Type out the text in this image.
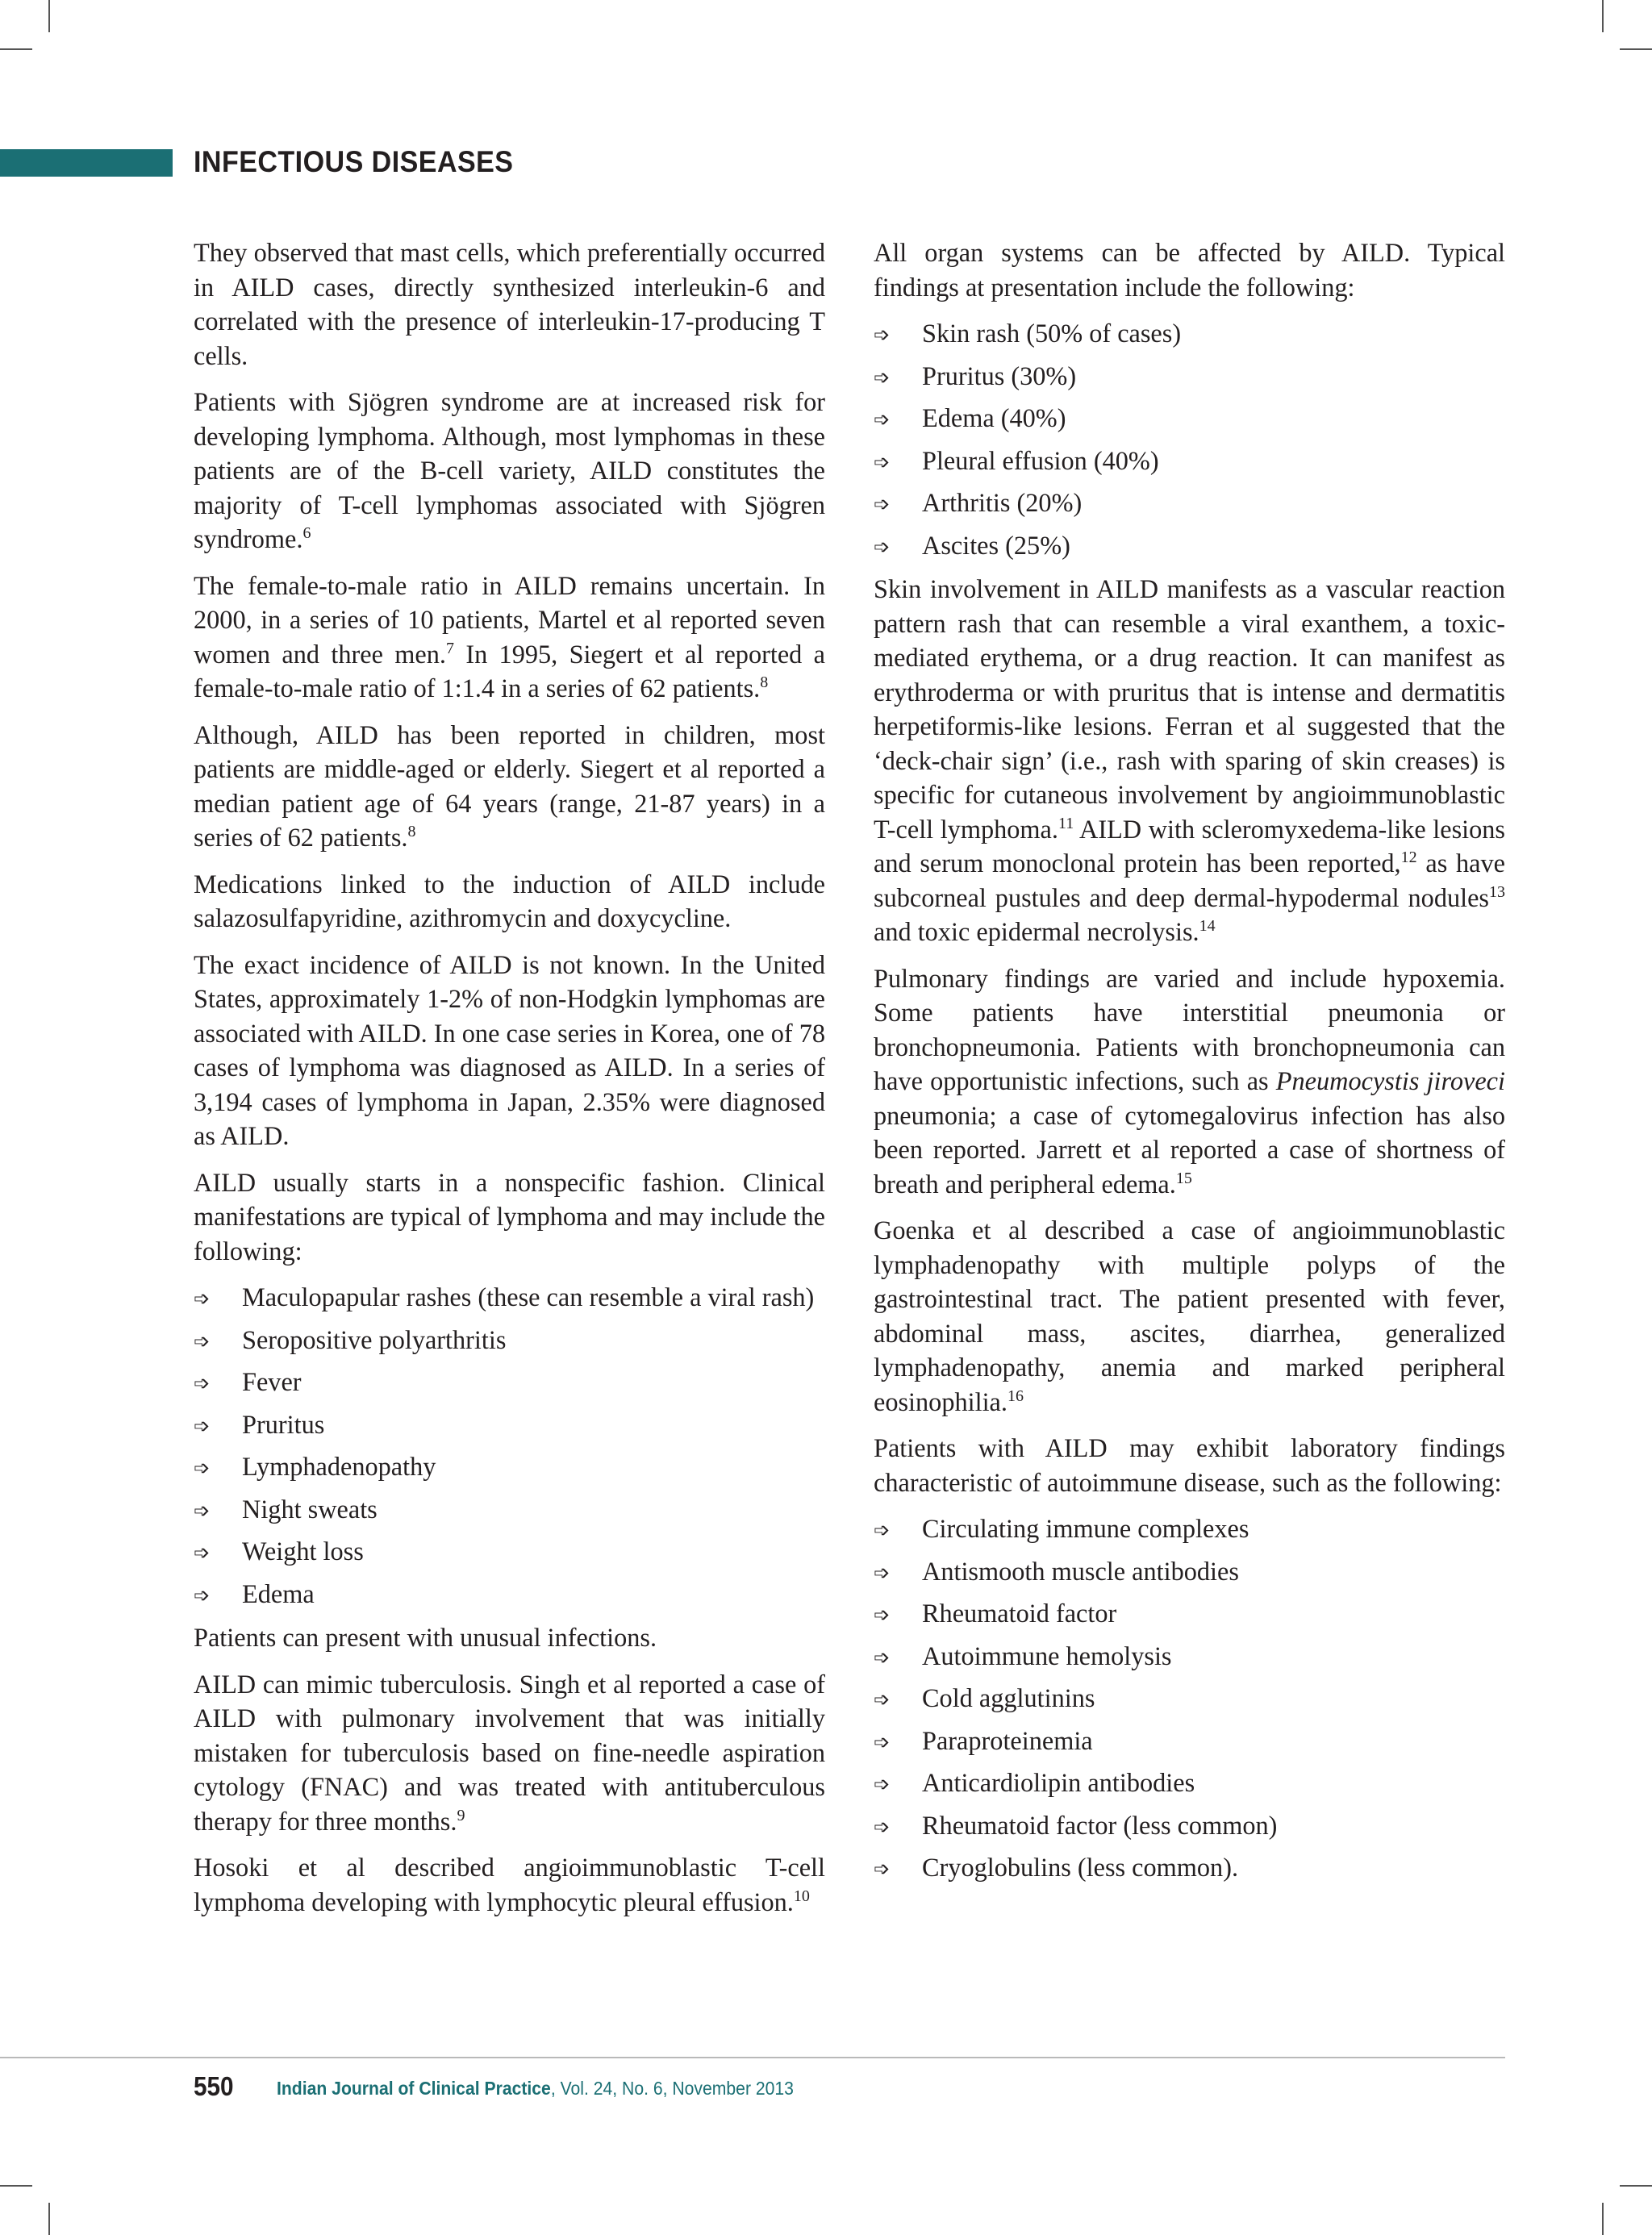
INFECTIOUS DISEASES

They observed that mast cells, which preferentially occurred in AILD cases, directly synthesized interleukin-6 and correlated with the presence of interleukin-17-producing T cells.

Patients with Sjögren syndrome are at increased risk for developing lymphoma. Although, most lymphomas in these patients are of the B-cell variety, AILD constitutes the majority of T-cell lymphomas associated with Sjögren syndrome.$^6$

The female-to-male ratio in AILD remains uncertain. In 2000, in a series of 10 patients, Martel et al reported seven women and three men.$^7$ In 1995, Siegert et al reported a female-to-male ratio of 1:1.4 in a series of 62 patients.$^8$

Although, AILD has been reported in children, most patients are middle-aged or elderly. Siegert et al reported a median patient age of 64 years (range, 21-87 years) in a series of 62 patients.$^8$

Medications linked to the induction of AILD include salazosulfapyridine, azithromycin and doxycycline.

The exact incidence of AILD is not known. In the United States, approximately 1-2% of non-Hodgkin lymphomas are associated with AILD. In one case series in Korea, one of 78 cases of lymphoma was diagnosed as AILD. In a series of 3,194 cases of lymphoma in Japan, 2.35% were diagnosed as AILD.

AILD usually starts in a nonspecific fashion. Clinical manifestations are typical of lymphoma and may include the following:

➩ Maculopapular rashes (these can resemble a viral rash)
➩ Seropositive polyarthritis
➩ Fever
➩ Pruritus
➩ Lymphadenopathy
➩ Night sweats
➩ Weight loss
➩ Edema

Patients can present with unusual infections.

AILD can mimic tuberculosis. Singh et al reported a case of AILD with pulmonary involvement that was initially mistaken for tuberculosis based on fine-needle aspiration cytology (FNAC) and was treated with antituberculous therapy for three months.$^9$

Hosoki et al described angioimmunoblastic T-cell lymphoma developing with lymphocytic pleural effusion.$^{10}$

All organ systems can be affected by AILD. Typical findings at presentation include the following:

➩ Skin rash (50% of cases)
➩ Pruritus (30%)
➩ Edema (40%)
➩ Pleural effusion (40%)
➩ Arthritis (20%)
➩ Ascites (25%)

Skin involvement in AILD manifests as a vascular reaction pattern rash that can resemble a viral exanthem, a toxic-mediated erythema, or a drug reaction. It can manifest as erythroderma or with pruritus that is intense and dermatitis herpetiformis-like lesions. Ferran et al suggested that the ‘deck-chair sign’ (i.e., rash with sparing of skin creases) is specific for cutaneous involvement by angioimmunoblastic T-cell lymphoma.$^{11}$ AILD with scleromyxedema-like lesions and serum monoclonal protein has been reported,$^{12}$ as have subcorneal pustules and deep dermal-hypodermal nodules$^{13}$ and toxic epidermal necrolysis.$^{14}$

Pulmonary findings are varied and include hypoxemia. Some patients have interstitial pneumonia or bronchopneumonia. Patients with bronchopneumonia can have opportunistic infections, such as Pneumocystis jiroveci pneumonia; a case of cytomegalovirus infection has also been reported. Jarrett et al reported a case of shortness of breath and peripheral edema.$^{15}$

Goenka et al described a case of angioimmunoblastic lymphadenopathy with multiple polyps of the gastrointestinal tract. The patient presented with fever, abdominal mass, ascites, diarrhea, generalized lymphadenopathy, anemia and marked peripheral eosinophilia.$^{16}$

Patients with AILD may exhibit laboratory findings characteristic of autoimmune disease, such as the following:

➩ Circulating immune complexes
➩ Antismooth muscle antibodies
➩ Rheumatoid factor
➩ Autoimmune hemolysis
➩ Cold agglutinins
➩ Paraproteinemia
➩ Anticardiolipin antibodies
➩ Rheumatoid factor (less common)
➩ Cryoglobulins (less common).

550 Indian Journal of Clinical Practice, Vol. 24, No. 6, November 2013
